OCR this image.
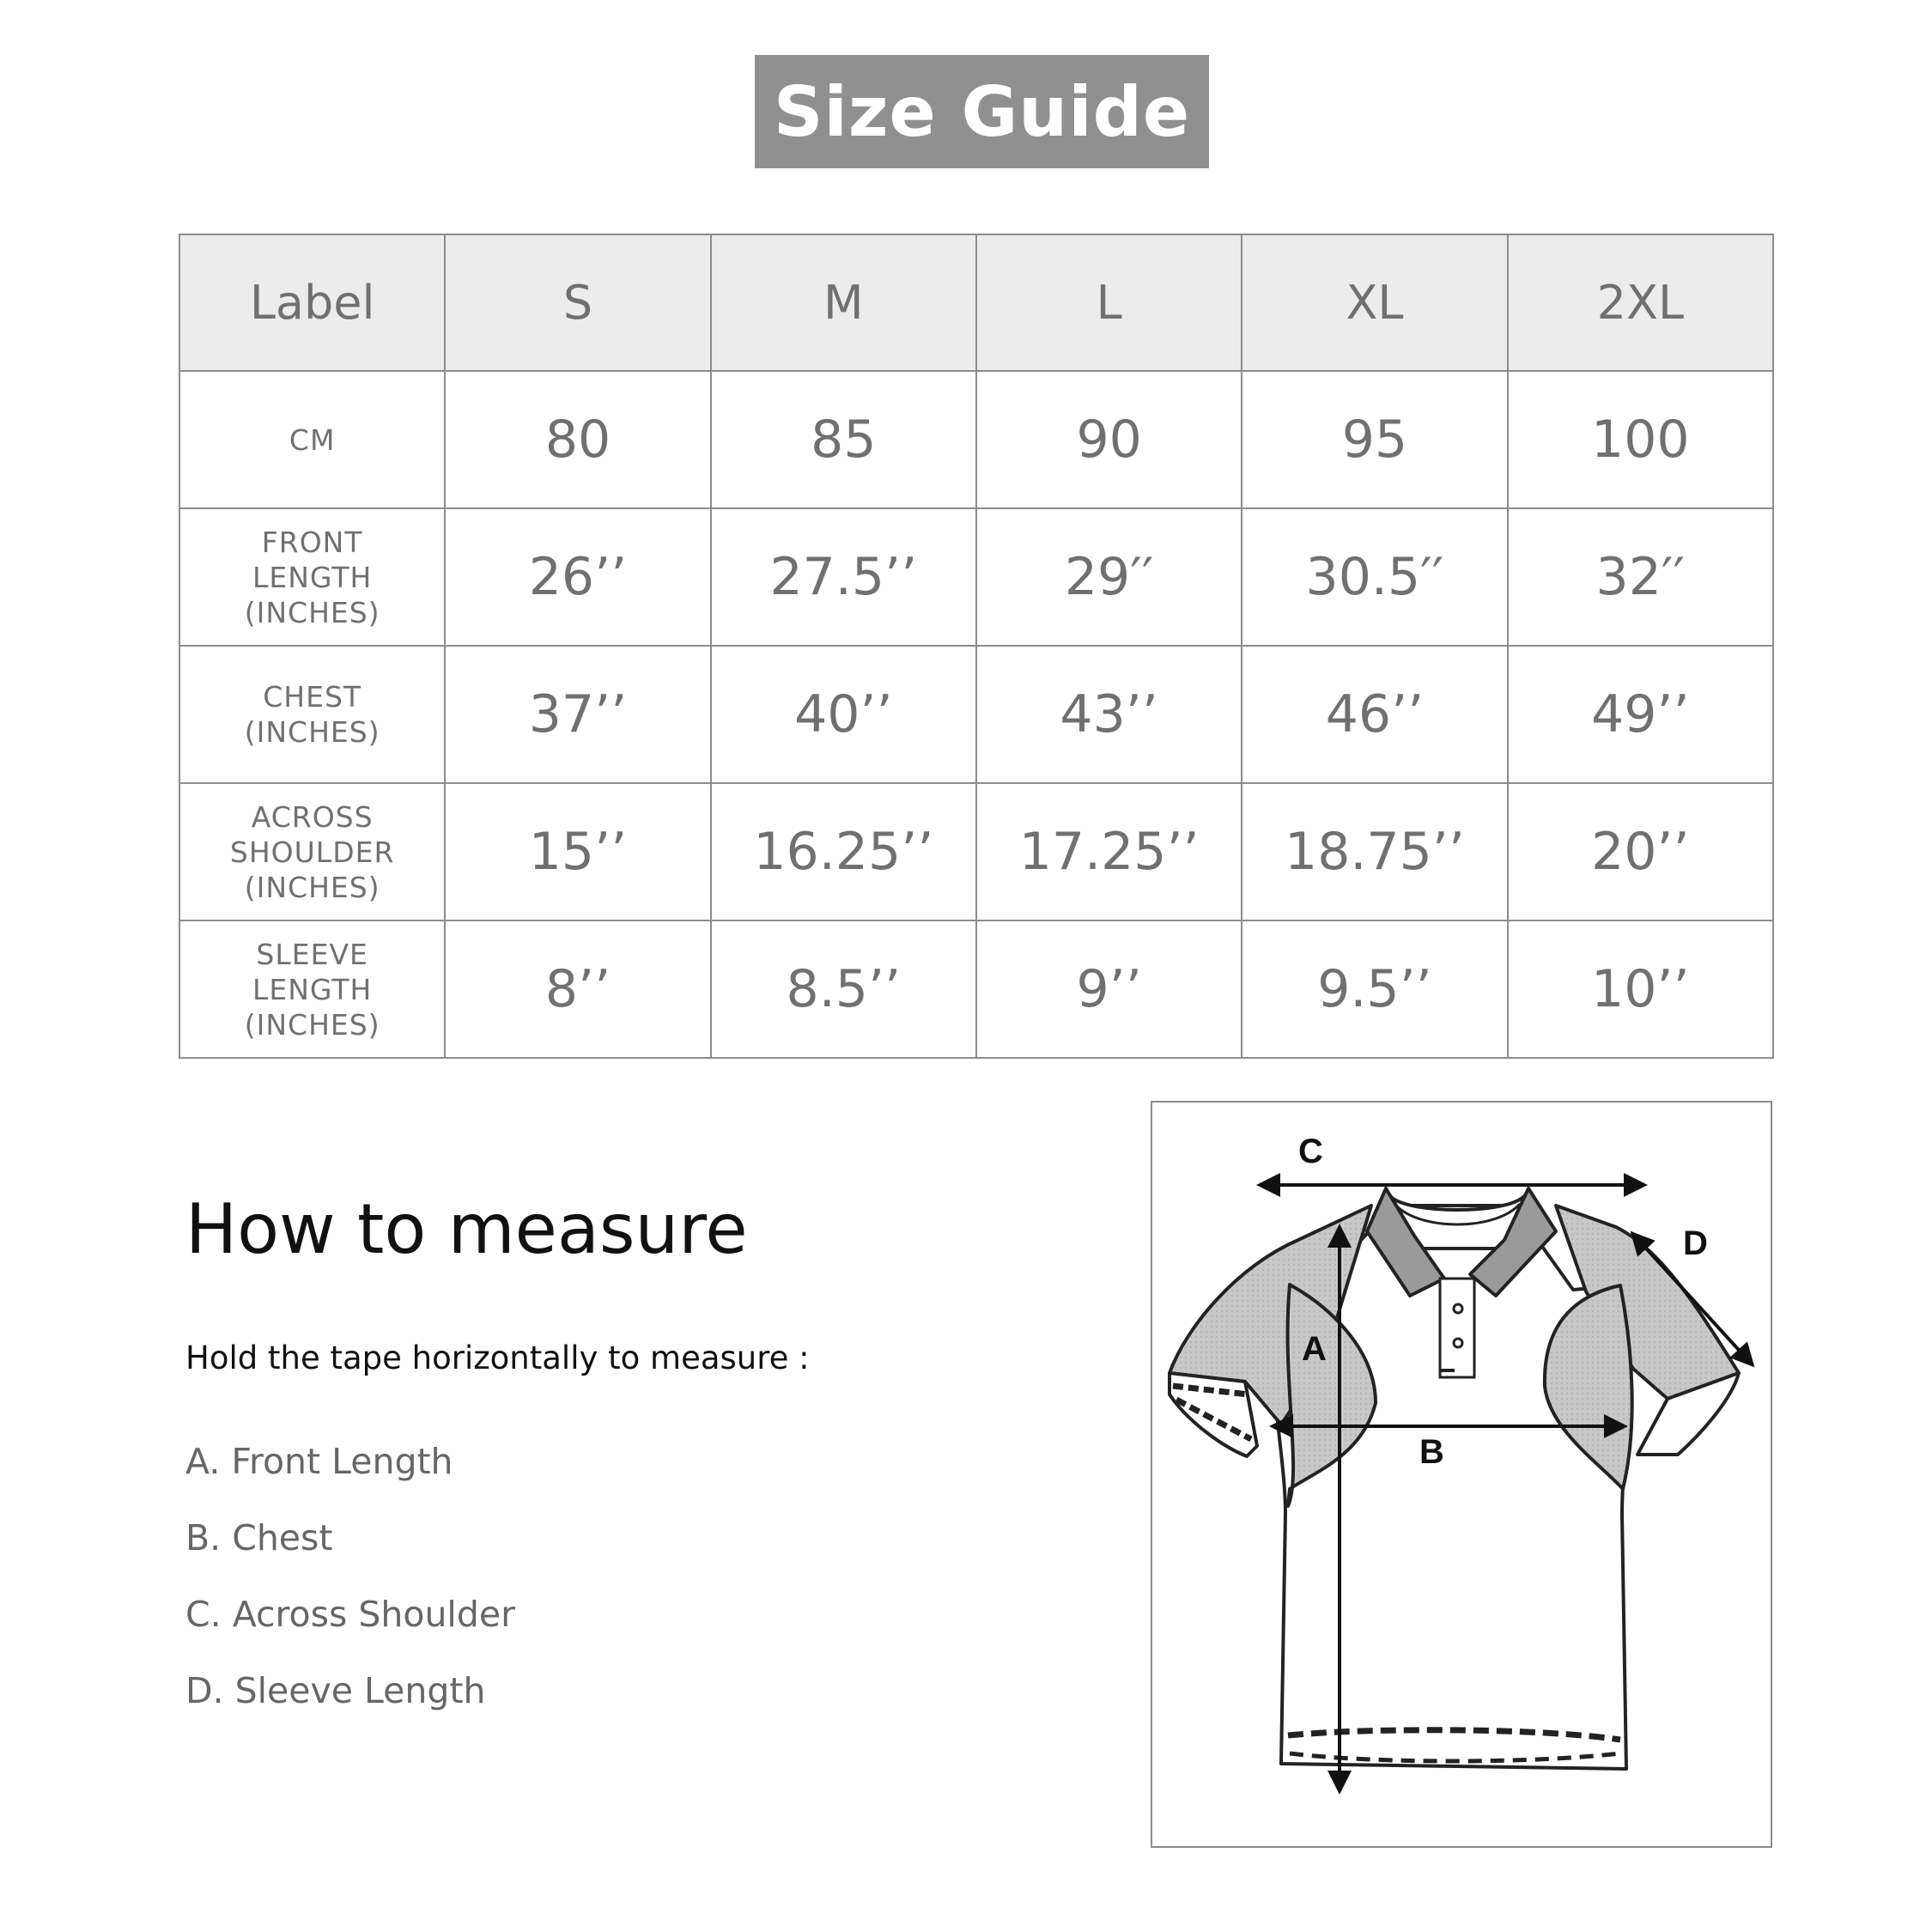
Size Guide
Label	S	M	L	XL	2XL
CM	80	85	90	95	100
FRONT
LENGTH
(INCHES)	26’’	27.5’’	29′′	30.5′′	32′′
CHEST
(INCHES)	37’’	40’’	43’’	46’’	49’’
ACROSS
SHOULDER
(INCHES)	15’’	16.25’’	17.25’’	18.75’’	20’’
SLEEVE
LENGTH
(INCHES)	8’’	8.5’’	9’’	9.5’’	10’’
How to measure
Hold the tape horizontally to measure :
A. Front Length
B. Chest
C. Across Shoulder
D. Sleeve Length
A
B
C
D
